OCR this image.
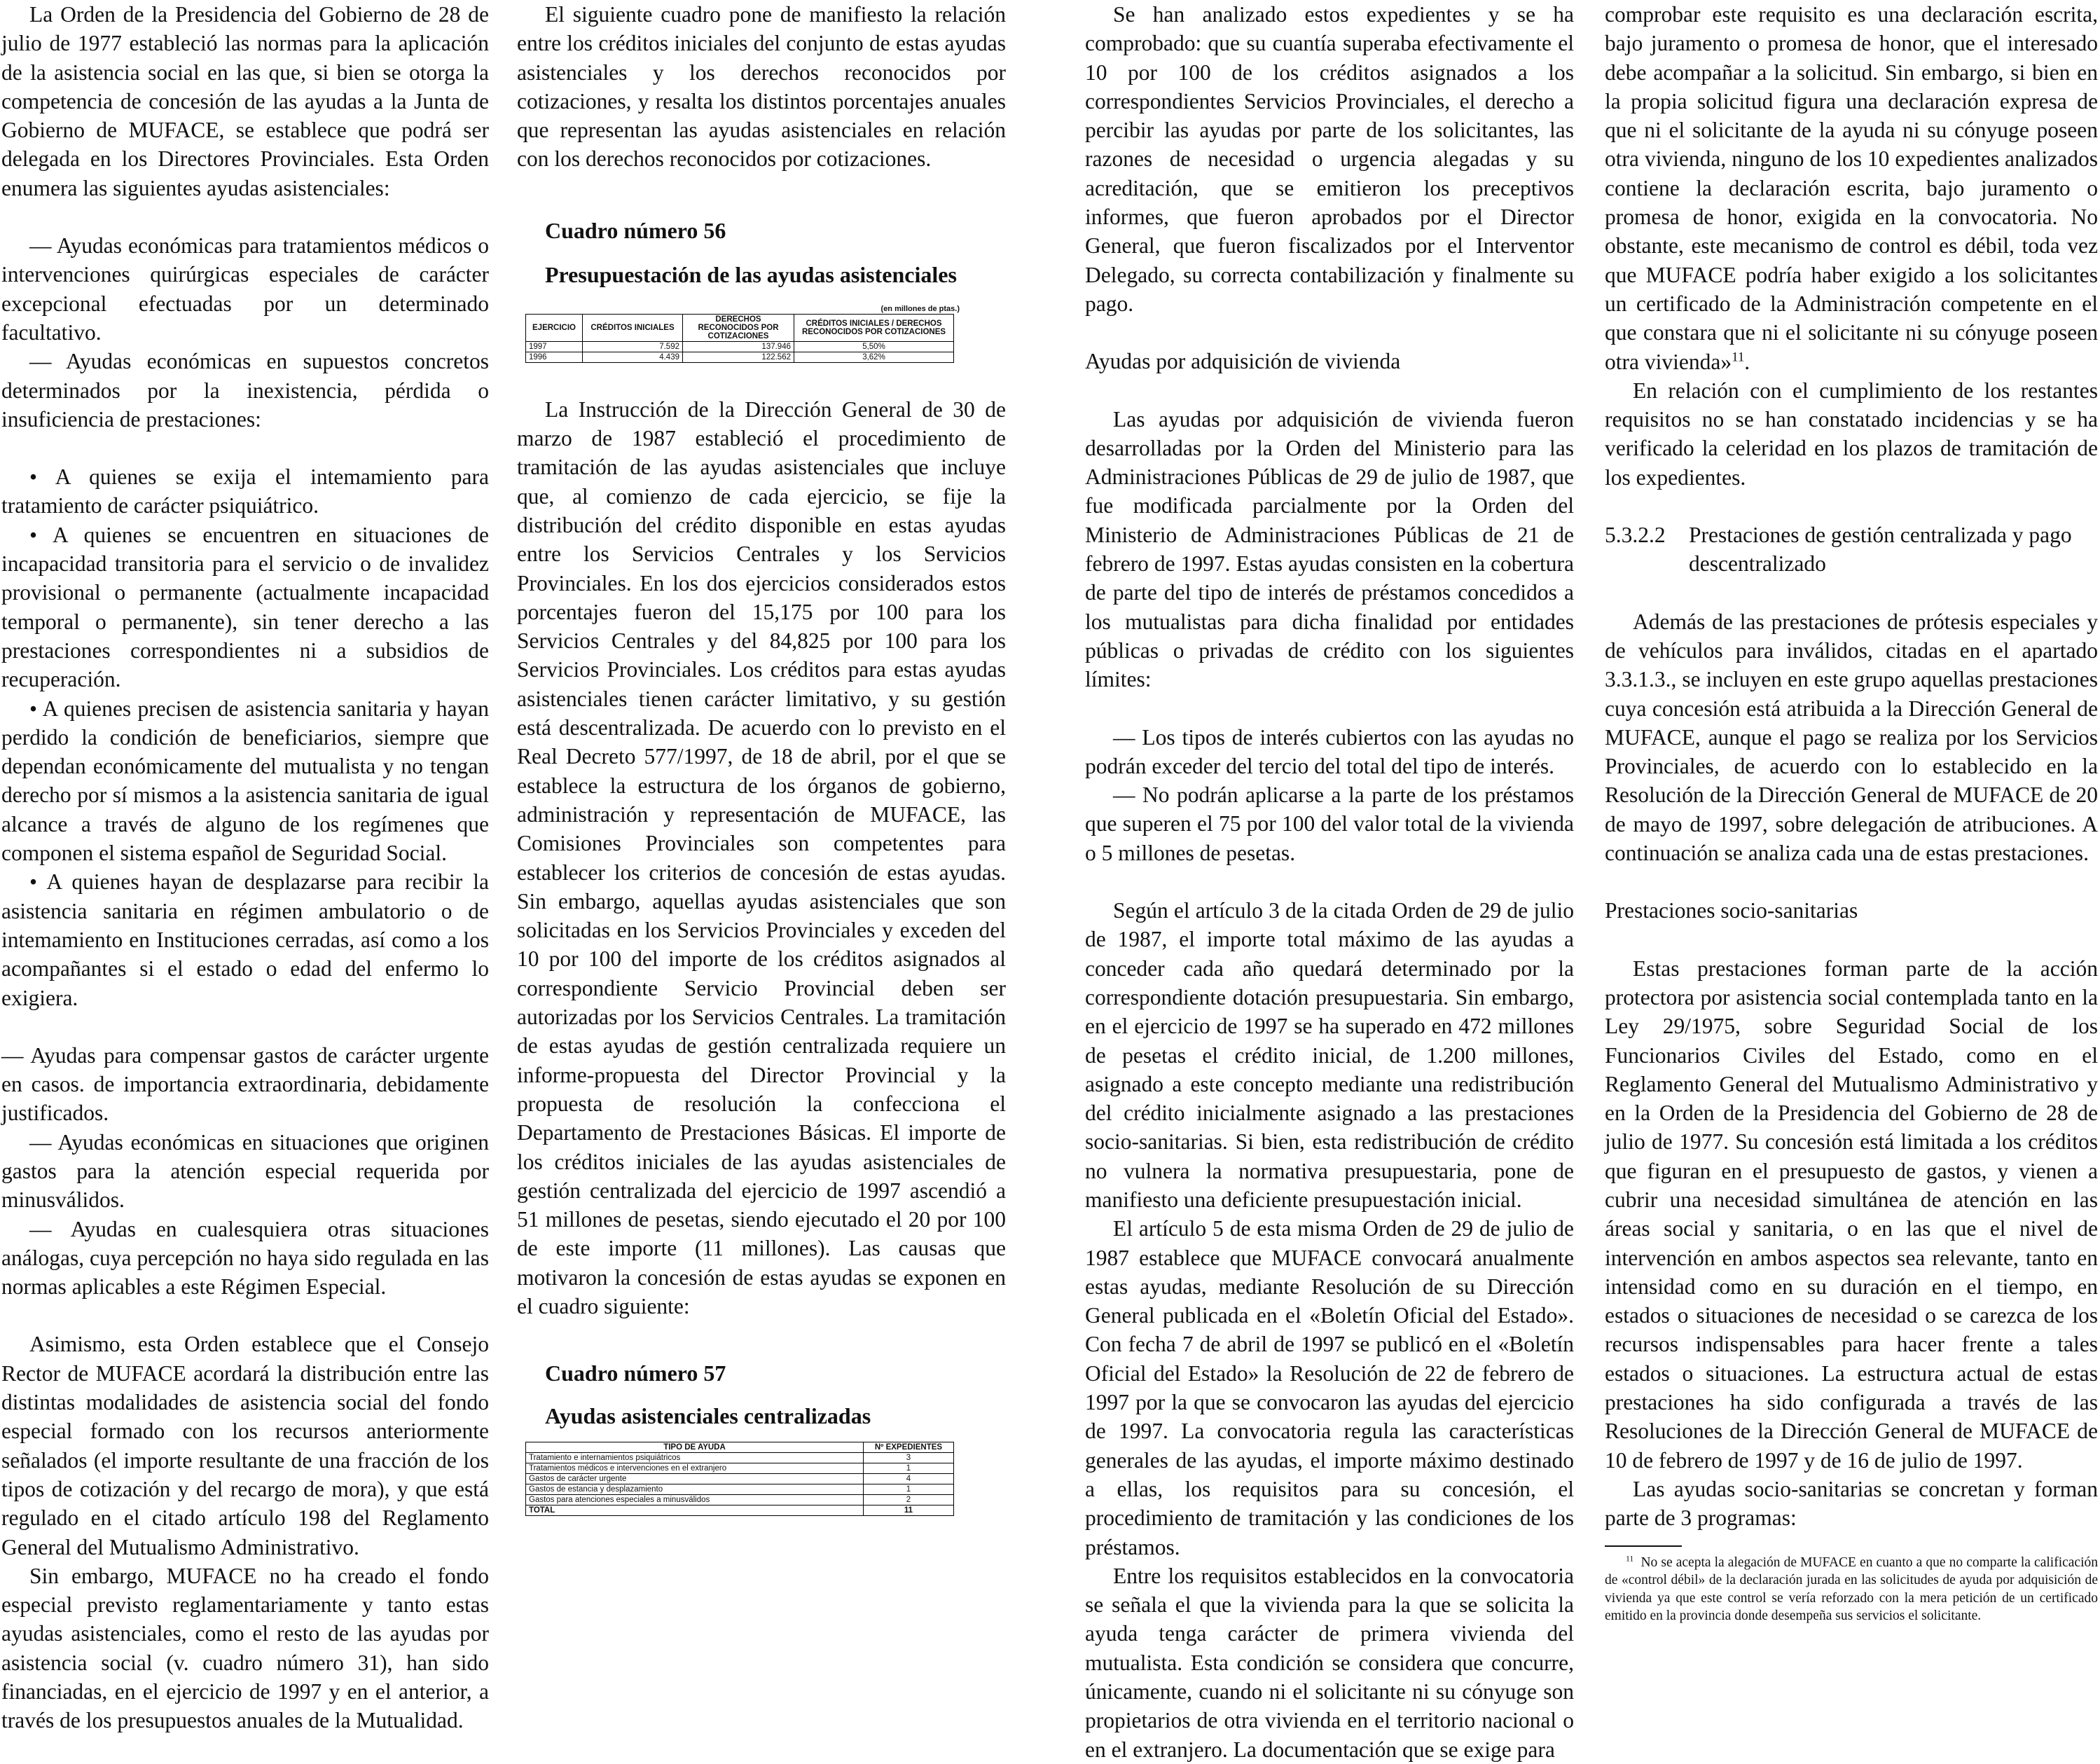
La Orden de la Presidencia del Gobierno de 28 de julio de 1977 estableció las normas para la aplicación de la asistencia social en las que, si bien se otorga la competencia de concesión de las ayudas a la Junta de Gobierno de MUFACE, se establece que podrá ser delegada en los Directores Provinciales. Esta Orden enumera las siguientes ayudas asistenciales:

— Ayudas económicas para tratamientos médicos o intervenciones quirúrgicas especiales de carácter excepcional efectuadas por un determinado facultativo.

— Ayudas económicas en supuestos concretos determinados por la inexistencia, pérdida o insuficiencia de prestaciones:

• A quienes se exija el intemamiento para tratamiento de carácter psiquiátrico.

• A quienes se encuentren en situaciones de incapacidad transitoria para el servicio o de invalidez provisional o permanente (actualmente incapacidad temporal o permanente), sin tener derecho a las prestaciones correspondientes ni a subsidios de recuperación.

• A quienes precisen de asistencia sanitaria y hayan perdido la condición de beneficiarios, siempre que dependan económicamente del mutualista y no tengan derecho por sí mismos a la asistencia sanitaria de igual alcance a través de alguno de los regímenes que componen el sistema español de Seguridad Social.

• A quienes hayan de desplazarse para recibir la asistencia sanitaria en régimen ambulatorio o de intemamiento en Instituciones cerradas, así como a los acompañantes si el estado o edad del enfermo lo exigiera.

— Ayudas para compensar gastos de carácter urgente en casos. de importancia extraordinaria, debidamente justificados.

— Ayudas económicas en situaciones que originen gastos para la atención especial requerida por minusválidos.

— Ayudas en cualesquiera otras situaciones análogas, cuya percepción no haya sido regulada en las normas aplicables a este Régimen Especial.

Asimismo, esta Orden establece que el Consejo Rector de MUFACE acordará la distribución entre las distintas modalidades de asistencia social del fondo especial formado con los recursos anteriormente señalados (el importe resultante de una fracción de los tipos de cotización y del recargo de mora), y que está regulado en el citado artículo 198 del Reglamento General del Mutualismo Administrativo.

Sin embargo, MUFACE no ha creado el fondo especial previsto reglamentariamente y tanto estas ayudas asistenciales, como el resto de las ayudas por asistencia social (v. cuadro número 31), han sido financiadas, en el ejercicio de 1997 y en el anterior, a través de los presupuestos anuales de la Mutualidad.

El siguiente cuadro pone de manifiesto la relación entre los créditos iniciales del conjunto de estas ayudas asistenciales y los derechos reconocidos por cotizaciones, y resalta los distintos porcentajes anuales que representan las ayudas asistenciales en relación con los derechos reconocidos por cotizaciones.

Cuadro número 56

Presupuestación de las ayudas asistenciales

(en millones de ptas.)
EJERCICIO	CRÉDITOS INICIALES	DERECHOS RECONOCIDOS POR COTIZACIONES	CRÉDITOS INICIALES / DERECHOS RECONOCIDOS POR COTIZACIONES
1997	7.592	137.946	5,50%
1996	4.439	122.562	3,62%

La Instrucción de la Dirección General de 30 de marzo de 1987 estableció el procedimiento de tramitación de las ayudas asistenciales que incluye que, al comienzo de cada ejercicio, se fije la distribución del crédito disponible en estas ayudas entre los Servicios Centrales y los Servicios Provinciales. En los dos ejercicios considerados estos porcentajes fueron del 15,175 por 100 para los Servicios Centrales y del 84,825 por 100 para los Servicios Provinciales. Los créditos para estas ayudas asistenciales tienen carácter limitativo, y su gestión está descentralizada. De acuerdo con lo previsto en el Real Decreto 577/1997, de 18 de abril, por el que se establece la estructura de los órganos de gobierno, administración y representación de MUFACE, las Comisiones Provinciales son competentes para establecer los criterios de concesión de estas ayudas. Sin embargo, aquellas ayudas asistenciales que son solicitadas en los Servicios Provinciales y exceden del 10 por 100 del importe de los créditos asignados al correspondiente Servicio Provincial deben ser autorizadas por los Servicios Centrales. La tramitación de estas ayudas de gestión centralizada requiere un informe-propuesta del Director Provincial y la propuesta de resolución la confecciona el Departamento de Prestaciones Básicas. El importe de los créditos iniciales de las ayudas asistenciales de gestión centralizada del ejercicio de 1997 ascendió a 51 millones de pesetas, siendo ejecutado el 20 por 100 de este importe (11 millones). Las causas que motivaron la concesión de estas ayudas se exponen en el cuadro siguiente:

Cuadro número 57

Ayudas asistenciales centralizadas

TIPO DE AYUDA	Nº EXPEDIENTES
Tratamiento e internamientos psiquiátricos	3
Tratamientos médicos e intervenciones en el extranjero	1
Gastos de carácter urgente	4
Gastos de estancia y desplazamiento	1
Gastos para atenciones especiales a minusválidos	2
TOTAL	11

Se han analizado estos expedientes y se ha comprobado: que su cuantía superaba efectivamente el 10 por 100 de los créditos asignados a los correspondientes Servicios Provinciales, el derecho a percibir las ayudas por parte de los solicitantes, las razones de necesidad o urgencia alegadas y su acreditación, que se emitieron los preceptivos informes, que fueron aprobados por el Director General, que fueron fiscalizados por el Interventor Delegado, su correcta contabilización y finalmente su pago.

Ayudas por adquisición de vivienda

Las ayudas por adquisición de vivienda fueron desarrolladas por la Orden del Ministerio para las Administraciones Públicas de 29 de julio de 1987, que fue modificada parcialmente por la Orden del Ministerio de Administraciones Públicas de 21 de febrero de 1997. Estas ayudas consisten en la cobertura de parte del tipo de interés de préstamos concedidos a los mutualistas para dicha finalidad por entidades públicas o privadas de crédito con los siguientes límites:

— Los tipos de interés cubiertos con las ayudas no podrán exceder del tercio del total del tipo de interés.

— No podrán aplicarse a la parte de los préstamos que superen el 75 por 100 del valor total de la vivienda o 5 millones de pesetas.

Según el artículo 3 de la citada Orden de 29 de julio de 1987, el importe total máximo de las ayudas a conceder cada año quedará determinado por la correspondiente dotación presupuestaria. Sin embargo, en el ejercicio de 1997 se ha superado en 472 millones de pesetas el crédito inicial, de 1.200 millones, asignado a este concepto mediante una redistribución del crédito inicialmente asignado a las prestaciones socio-sanitarias. Si bien, esta redistribución de crédito no vulnera la normativa presupuestaria, pone de manifiesto una deficiente presupuestación inicial.

El artículo 5 de esta misma Orden de 29 de julio de 1987 establece que MUFACE convocará anualmente estas ayudas, mediante Resolución de su Dirección General publicada en el «Boletín Oficial del Estado». Con fecha 7 de abril de 1997 se publicó en el «Boletín Oficial del Estado» la Resolución de 22 de febrero de 1997 por la que se convocaron las ayudas del ejercicio de 1997. La convocatoria regula las características generales de las ayudas, el importe máximo destinado a ellas, los requisitos para su concesión, el procedimiento de tramitación y las condiciones de los préstamos.

Entre los requisitos establecidos en la convocatoria se señala el que la vivienda para la que se solicita la ayuda tenga carácter de primera vivienda del mutualista. Esta condición se considera que concurre, únicamente, cuando ni el solicitante ni su cónyuge son propietarios de otra vivienda en el territorio nacional o en el extranjero. La documentación que se exige para

comprobar este requisito es una declaración escrita, bajo juramento o promesa de honor, que el interesado debe acompañar a la solicitud. Sin embargo, si bien en la propia solicitud figura una declaración expresa de que ni el solicitante de la ayuda ni su cónyuge poseen otra vivienda, ninguno de los 10 expedientes analizados contiene la declaración escrita, bajo juramento o promesa de honor, exigida en la convocatoria. No obstante, este mecanismo de control es débil, toda vez que MUFACE podría haber exigido a los solicitantes un certificado de la Administración competente en el que constara que ni el solicitante ni su cónyuge poseen otra vivienda»$^{11}$.

En relación con el cumplimiento de los restantes requisitos no se han constatado incidencias y se ha verificado la celeridad en los plazos de tramitación de los expedientes.

5.3.2.2	Prestaciones de gestión centralizada y pago descentralizado

Además de las prestaciones de prótesis especiales y de vehículos para inválidos, citadas en el apartado 3.3.1.3., se incluyen en este grupo aquellas prestaciones cuya concesión está atribuida a la Dirección General de MUFACE, aunque el pago se realiza por los Servicios Provinciales, de acuerdo con lo establecido en la Resolución de la Dirección General de MUFACE de 20 de mayo de 1997, sobre delegación de atribuciones. A continuación se analiza cada una de estas prestaciones.

Prestaciones socio-sanitarias

Estas prestaciones forman parte de la acción protectora por asistencia social contemplada tanto en la Ley 29/1975, sobre Seguridad Social de los Funcionarios Civiles del Estado, como en el Reglamento General del Mutualismo Administrativo y en la Orden de la Presidencia del Gobierno de 28 de julio de 1977. Su concesión está limitada a los créditos que figuran en el presupuesto de gastos, y vienen a cubrir una necesidad simultánea de atención en las áreas social y sanitaria, o en las que el nivel de intervención en ambos aspectos sea relevante, tanto en intensidad como en su duración en el tiempo, en estados o situaciones de necesidad o se carezca de los recursos indispensables para hacer frente a tales estados o situaciones. La estructura actual de estas prestaciones ha sido configurada a través de las Resoluciones de la Dirección General de MUFACE de 10 de febrero de 1997 y de 16 de julio de 1997.

Las ayudas socio-sanitarias se concretan y forman parte de 3 programas:

$^{11}$ No se acepta la alegación de MUFACE en cuanto a que no comparte la calificación de «control débil» de la declaración jurada en las solicitudes de ayuda por adquisición de vivienda ya que este control se vería reforzado con la mera petición de un certificado emitido en la provincia donde desempeña sus servicios el solicitante.
